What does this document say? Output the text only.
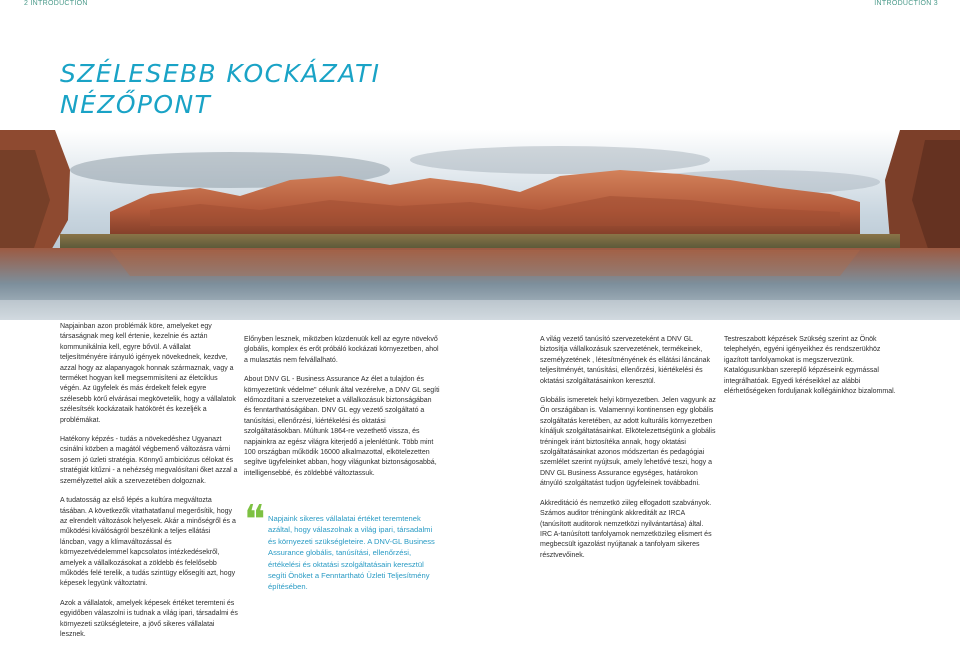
2 INTRODUCTION	INTRODUCTION 3
SZÉLESEBB KOCKÁZATI
NÉZŐPONT

Napjainban azon problémák köre, amelyeket egy társaságnak meg kell értenie, kezelnie és aztán kommunikálnia kell, egyre bővül. A vállalat teljesítményére irányuló igények növekednek, kezdve, azzal hogy az alapanyagok honnak származnak, vagy a terméket hogyan kell megsemmisíteni az életciklus végén. Az ügyfelek és más érdekelt felek egyre szélesebb körű elvárásai megkövetelik, hogy a vállalatok szélesítsék kockázataik hatókörét és kezeljék a problémákat.

Hatékony képzés - tudás a növekedéshez Ugyanazt csinálni közben a magától végbemenő változásra várni sosem jó üzleti stratégia. Könnyű ambiciózus célokat és stratégiát kitűzni - a nehézség megvalósítani őket azzal a személyzettel akik a szervezetében dolgoznak.

A tudatosság az első lépés a kultúra megváltozta tásában. A következők vitathatatlanul megerősítik, hogy az elrendelt változások helyesek. Akár a minőségről és a működési kiválóságról beszélünk a teljes ellátási láncban, vagy a klímaváltozással és környezetvédelemmel kapcsolatos intézkedésekről, amelyek a vállalkozásokat a zöldebb és felelősebb működés felé terelik, a tudás szintügy elősegíti azt, hogy képesek legyünk változtatni.

Azok a vállalatok, amelyek képesek értéket teremteni és egyidőben válaszolni is tudnak a világ ipari, társadalmi és környezeti szükségleteire, a jövő sikeres vállalatai lesznek.

Előnyben lesznek, miközben küzdenuük kell az egyre növekvő globális, komplex és erőt próbáló kockázati környezetben, ahol a mulasztás nem felvállalható.

About DNV GL - Business Assurance Az élet a tulajdon és környezetünk védelme" célunk által vezérelve, a DNV GL segíti előmozdítani a szervezeteket a vállalkozásuk biztonságában és fenntarthatóságában. DNV GL egy vezető szolgáltató a tanúsítási, ellenőrzési, kiértékelési és oktatási szolgáltatásokban. Múltunk 1864-re vezethető vissza, és napjainkra az egész világra kiterjedő a jelenlétünk. Több mint 100 országban működik 16000 alkalmazottal, elkötelezetten segítve ügyfeleinket abban, hogy világunkat biztonságosabbá, intelligensebbé, és zöldebbé változtassuk.

❝ Napjaink sikeres vállalatai értéket teremtenek azáltal, hogy válaszolnak a világ ipari, társadalmi és környezeti szükségleteire. A DNV-GL Business Assurance globális, tanúsítási, ellenőrzési, értékelési és oktatási szolgáltatásain keresztül segíti Önöket a Fenntartható Üzleti Teljesítmény építésében.

A világ vezető tanúsító szervezeteként a DNV GL biztosítja vállalkozásuk szervezetének, termékeinek, személyzetének , létesítményének és ellátási láncának teljesítményét, tanúsítási, ellenőrzési, kiértékelési és oktatási szolgáltatásainkon keresztül.

Globális ismeretek helyi környezetben. Jelen vagyunk az Ön országában is. Valamennyi kontinensen egy globális szolgáltatás keretében, az adott kulturális környezetben kínáljuk szolgáltatásainkat. Elkötelezettségünk a globális tréningek iránt biztosítéka annak, hogy oktatási szolgáltatásainkat azonos módszertan és pedagógiai szemlélet szerint nyújtsuk, amely lehetővé teszi, hogy a DNV GL Business Assurance egységes, határokon átnyúló szolgáltatást tudjon ügyfeleinek továbbadni.

Akkreditáció és nemzetkö ziileg elfogadott szabványok. Számos auditor tréningünk akkreditált az IRCA (tanúsított auditorok nemzetközi nyilvántartása) által. IRC A-tanúsított tanfolyamok nemzetközileg elismert és megbecsült igazolást nyújtanak a tanfolyam sikeres résztvevőinek.

Testreszabott képzések Szükség szerint az Önök telephelyén, egyéni igényeikhez és rendszerükhöz igazított tanfolyamokat is megszervezünk. Katalógusunkban szereplő képzéseink egymással integrálhatóak. Egyedi kéréseikkel az alábbi elérhetőségeken forduljanak kollégáinkhoz bizalommal.
